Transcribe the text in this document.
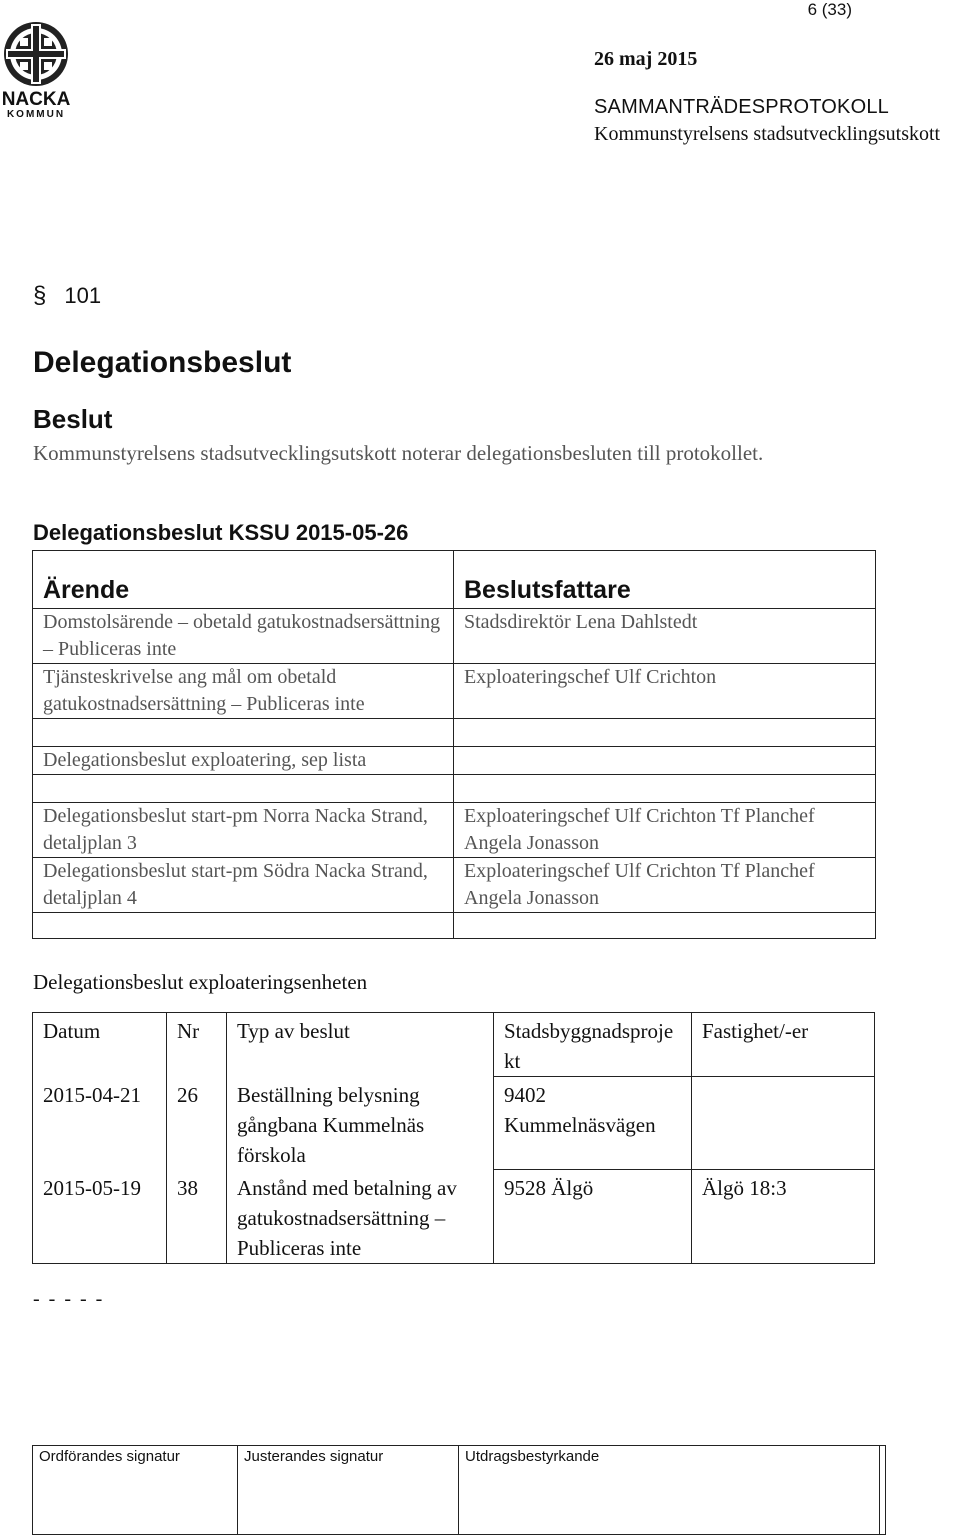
NACKA
KOMMUN
6 (33)
26 maj 2015
SAMMANTRÄDESPROTOKOLL
Kommunstyrelsens stadsutvecklingsutskott
§ 101
Delegationsbeslut
Beslut
Kommunstyrelsens stadsutvecklingsutskott noterar delegationsbesluten till protokollet.
Delegationsbeslut KSSU 2015-05-26
Ärende	Beslutsfattare
Domstolsärende – obetald gatukostnadsersättning – Publiceras inte	Stadsdirektör Lena Dahlstedt
Tjänsteskrivelse ang mål om obetald gatukostnadsersättning – Publiceras inte	Exploateringschef Ulf Crichton

Delegationsbeslut exploatering, sep lista	

Delegationsbeslut start-pm Norra Nacka Strand, detaljplan 3	Exploateringschef Ulf Crichton Tf Planchef Angela Jonasson
Delegationsbeslut start-pm Södra Nacka Strand, detaljplan 4	Exploateringschef Ulf Crichton Tf Planchef Angela Jonasson

Delegationsbeslut exploateringsenheten
Datum	Nr	Typ av beslut	Stadsbyggnadsprojekt	Fastighet/-er
2015-04-21	26	Beställning belysning gångbana Kummelnäs förskola	9402 Kummelnäsvägen	
2015-05-19	38	Anstånd med betalning av gatukostnadsersättning – Publiceras inte	9528 Älgö	Älgö 18:3
- - - - -
Ordförandes signatur	Justerandes signatur	Utdragsbestyrkande	
